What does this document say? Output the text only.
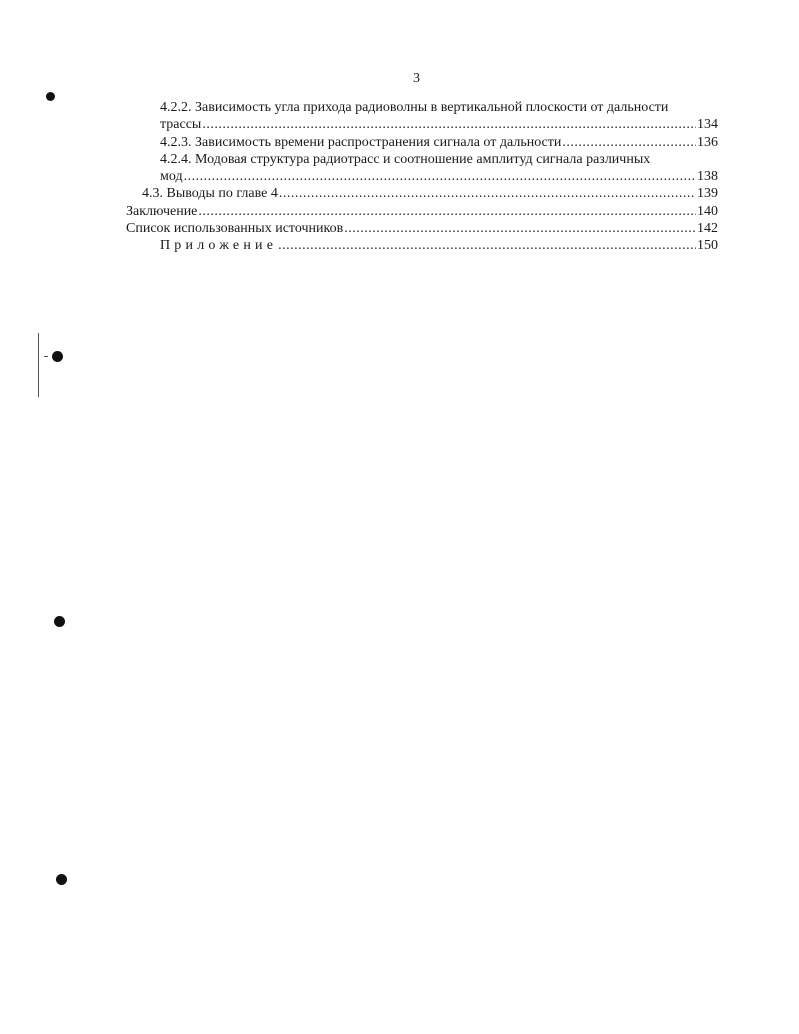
3
4.2.2. Зависимость угла прихода радиоволны в вертикальной плоскости от дальности
трассы .....	134
4.2.3. Зависимость времени распространения сигнала от дальности .....	136
4.2.4. Модовая структура радиотрасс и соотношение амплитуд сигнала различных
мод .....	138
4.3. Выводы по главе 4 .....	139
Заключение .....	140
Список использованных источников .....	142
Приложение .....	150
